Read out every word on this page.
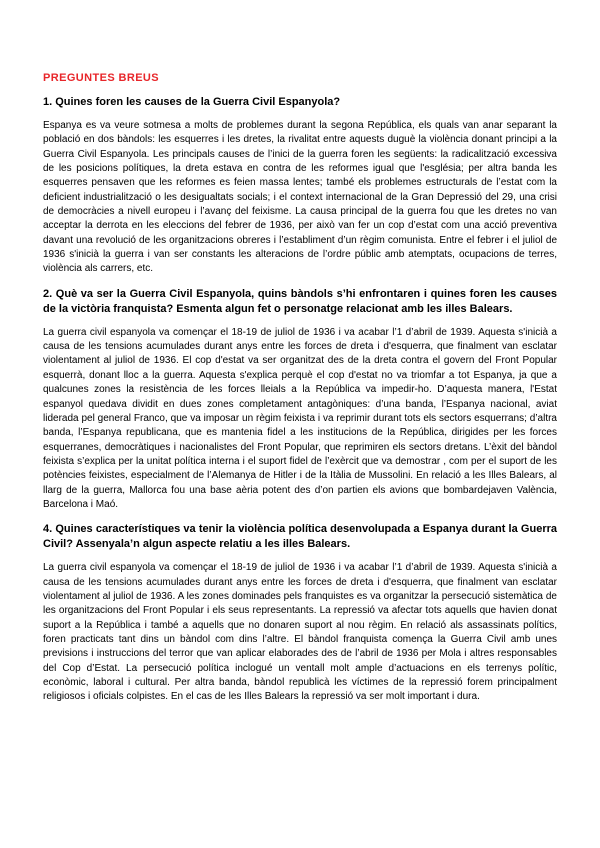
PREGUNTES BREUS

1. Quines foren les causes de la Guerra Civil Espanyola?

Espanya es va veure sotmesa a molts de problemes durant la segona República, els quals van anar separant la població en dos bàndols: les esquerres i les dretes, la rivalitat entre aquests duguè la violència donant principi a la Guerra Civil Espanyola. Les principals causes de l’inici de la guerra foren les següents: la radicalització excessiva de les posicions polítiques, la dreta estava en contra de les reformes igual que l'església; per altra banda les esquerres pensaven que les reformes es feien massa lentes; també els problemes estructurals de l’estat com la deficient industrialització o les desigualtats socials; i el context internacional de la Gran Depressió del 29, una crisi de democràcies a nivell europeu i l’avanç del feixisme. La causa principal de la guerra fou que les dretes no van acceptar la derrota en les eleccions del febrer de 1936, per això van fer un cop d’estat com una acció preventiva davant una revolució de les organitzacions obreres i l’establiment d’un règim comunista. Entre el febrer i el juliol de 1936 s'inicià la guerra i van ser constants les alteracions de l’ordre públic amb atemptats, ocupacions de terres, violència als carrers, etc.

2. Què va ser la Guerra Civil Espanyola, quins bàndols s’hi enfrontaren i quines foren les causes de la victòria franquista? Esmenta algun fet o personatge relacionat amb les illes Balears.

La guerra civil espanyola va començar el 18-19 de juliol de 1936 i va acabar l’1 d’abril de 1939. Aquesta s'inicià a causa de les tensions acumulades durant anys entre les forces de dreta i d'esquerra, que finalment van esclatar violentament al juliol de 1936. El cop d'estat va ser organitzat des de la dreta contra el govern del Front Popular esquerrà, donant lloc a la guerra. Aquesta s'explica perquè el cop d'estat no va triomfar a tot Espanya, ja que a qualcunes zones la resistència de les forces lleials a la República va impedir-ho. D’aquesta manera, l'Estat espanyol quedava dividit en dues zones completament antagòniques: d’una banda, l’Espanya nacional, aviat liderada pel general Franco, que va imposar un règim feixista i va reprimir durant tots els sectors esquerrans; d’altra banda, l’Espanya republicana, que es mantenia fidel a les institucions de la República, dirigides per les forces esquerranes, democràtiques i nacionalistes del Front Popular, que reprimiren els sectors dretans. L’èxit del bàndol feixista s’explica per la unitat política interna i el suport fidel de l’exèrcit que va demostrar , com per el suport de les potències feixistes, especialment de l’Alemanya de Hitler i de la Itàlia de Mussolini. En relació a les Illes Balears, al llarg de la guerra, Mallorca fou una base aèria potent des d’on partien els avions que bombardejaven València, Barcelona i Maó.

4. Quines característiques va tenir la violència política desenvolupada a Espanya durant la Guerra Civil? Assenyala’n algun aspecte relatiu a les illes Balears.

La guerra civil espanyola va començar el 18-19 de juliol de 1936 i va acabar l’1 d’abril de 1939. Aquesta s'inicià a causa de les tensions acumulades durant anys entre les forces de dreta i d'esquerra, que finalment van esclatar violentament al juliol de 1936. A les zones dominades pels franquistes es va organitzar la persecució sistemàtica de les organitzacions del Front Popular i els seus representants. La repressió va afectar tots aquells que havien donat suport a la República i també a aquells que no donaren suport al nou règim. En relació als assassinats polítics, foren practicats tant dins un bàndol com dins l’altre. El bàndol franquista comença la Guerra Civil amb unes previsions i instruccions del terror que van aplicar elaborades des de l’abril de 1936 per Mola i altres responsables del Cop d’Estat. La persecució política inclogué un ventall molt ample d’actuacions en els terrenys polític, econòmic, laboral i cultural. Per altra banda, bàndol republicà les víctimes de la repressió forem principalment religiosos i oficials colpistes. En el cas de les Illes Balears la repressió va ser molt important i dura.
